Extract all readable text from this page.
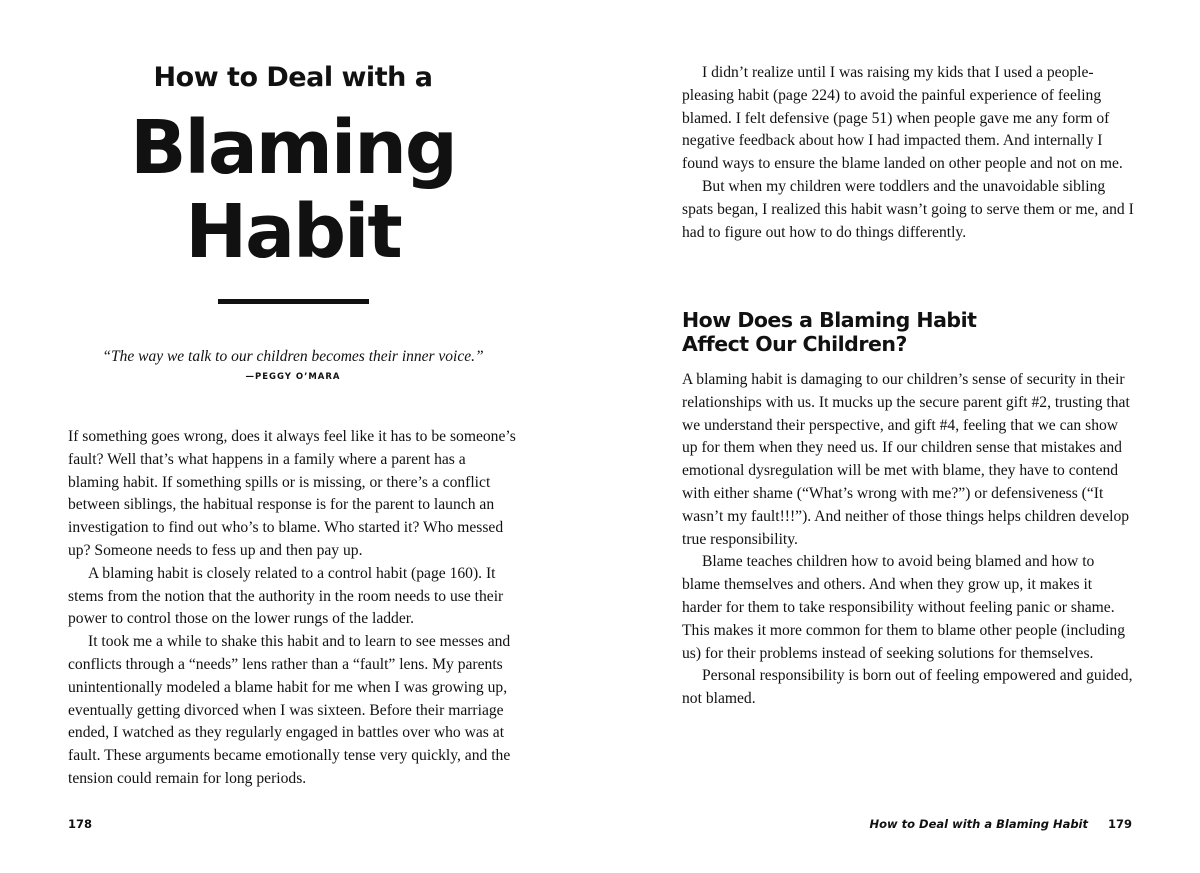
How to Deal with a
Blaming
Habit
“The way we talk to our children becomes their inner voice.”
—PEGGY O’MARA

If something goes wrong, does it always feel like it has to be someone’s fault? Well that’s what happens in a family where a parent has a blaming habit. If something spills or is missing, or there’s a conflict between siblings, the habitual response is for the parent to launch an investigation to find out who’s to blame. Who started it? Who messed up? Someone needs to fess up and then pay up.

A blaming habit is closely related to a control habit (page 160). It stems from the notion that the authority in the room needs to use their power to control those on the lower rungs of the ladder.

It took me a while to shake this habit and to learn to see messes and conflicts through a “needs” lens rather than a “fault” lens. My parents unintentionally modeled a blame habit for me when I was growing up, eventually getting divorced when I was sixteen. Before their marriage ended, I watched as they regularly engaged in battles over who was at fault. These arguments became emotionally tense very quickly, and the tension could remain for long periods.

178

I didn’t realize until I was raising my kids that I used a people-pleasing habit (page 224) to avoid the painful experience of feeling blamed. I felt defensive (page 51) when people gave me any form of negative feedback about how I had impacted them. And internally I found ways to ensure the blame landed on other people and not on me.

But when my children were toddlers and the unavoidable sibling spats began, I realized this habit wasn’t going to serve them or me, and I had to figure out how to do things differently.

How Does a Blaming Habit
Affect Our Children?

A blaming habit is damaging to our children’s sense of security in their relationships with us. It mucks up the secure parent gift #2, trusting that we understand their perspective, and gift #4, feeling that we can show up for them when they need us. If our children sense that mistakes and emotional dysregulation will be met with blame, they have to contend with either shame (“What’s wrong with me?”) or defensiveness (“It wasn’t my fault!!!”). And neither of those things helps children develop true responsibility.

Blame teaches children how to avoid being blamed and how to blame themselves and others. And when they grow up, it makes it harder for them to take responsibility without feeling panic or shame. This makes it more common for them to blame other people (including us) for their problems instead of seeking solutions for themselves.

Personal responsibility is born out of feeling empowered and guided, not blamed.

How to Deal with a Blaming Habit 179
